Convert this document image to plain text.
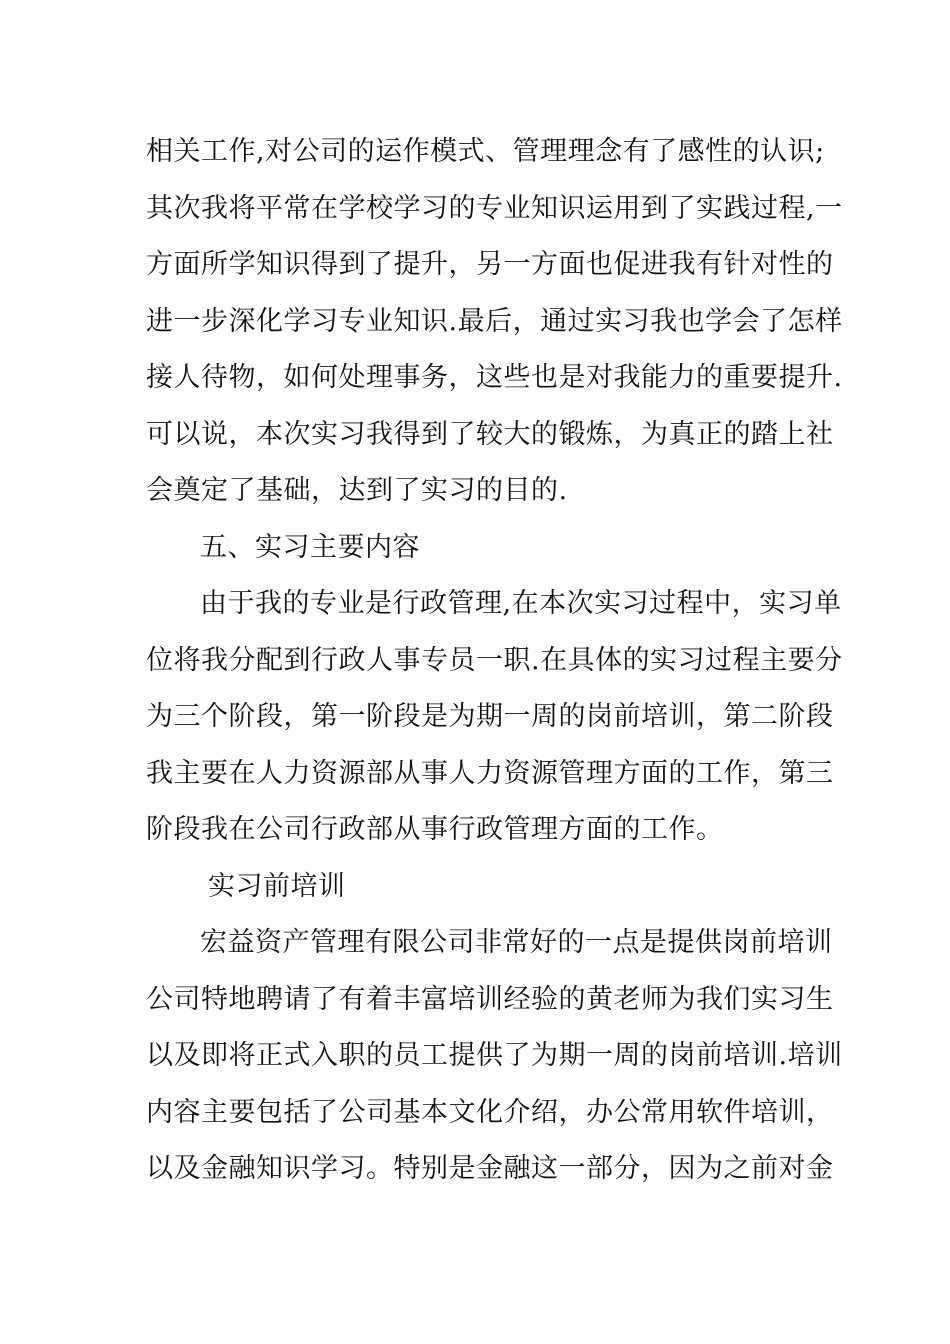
相关工作,对公司的运作模式、管理理念有了感性的认识;
其次我将平常在学校学习的专业知识运用到了实践过程,一
方面所学知识得到了提升，另一方面也促进我有针对性的
进一步深化学习专业知识.最后，通过实习我也学会了怎样
接人待物，如何处理事务，这些也是对我能力的重要提升.
可以说，本次实习我得到了较大的锻炼，为真正的踏上社
会奠定了基础，达到了实习的目的.
五、实习主要内容
由于我的专业是行政管理,在本次实习过程中，实习单
位将我分配到行政人事专员一职.在具体的实习过程主要分
为三个阶段，第一阶段是为期一周的岗前培训，第二阶段
我主要在人力资源部从事人力资源管理方面的工作，第三
阶段我在公司行政部从事行政管理方面的工作。
实习前培训
宏益资产管理有限公司非常好的一点是提供岗前培训
公司特地聘请了有着丰富培训经验的黄老师为我们实习生
以及即将正式入职的员工提供了为期一周的岗前培训.培训
内容主要包括了公司基本文化介绍，办公常用软件培训，
以及金融知识学习。特别是金融这一部分，因为之前对金
